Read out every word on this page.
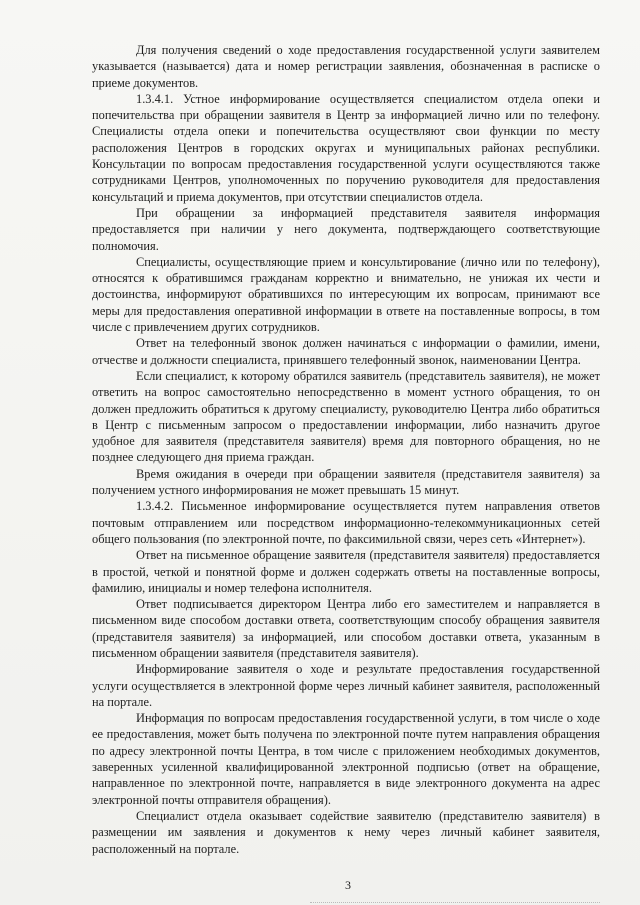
Для получения сведений о ходе предоставления государственной услуги заявителем указывается (называется) дата и номер регистрации заявления, обозначенная в расписке о приеме документов.

1.3.4.1. Устное информирование осуществляется специалистом отдела опеки и попечительства при обращении заявителя в Центр за информацией лично или по телефону. Специалисты отдела опеки и попечительства осуществляют свои функции по месту расположения Центров в городских округах и муниципальных районах республики. Консультации по вопросам предоставления государственной услуги осуществляются также сотрудниками Центров, уполномоченных по поручению руководителя для предоставления консультаций и приема документов, при отсутствии специалистов отдела.

При обращении за информацией представителя заявителя информация предоставляется при наличии у него документа, подтверждающего соответствующие полномочия.

Специалисты, осуществляющие прием и консультирование (лично или по телефону), относятся к обратившимся гражданам корректно и внимательно, не унижая их чести и достоинства, информируют обратившихся по интересующим их вопросам, принимают все меры для предоставления оперативной информации в ответе на поставленные вопросы, в том числе с привлечением других сотрудников.

Ответ на телефонный звонок должен начинаться с информации о фамилии, имени, отчестве и должности специалиста, принявшего телефонный звонок, наименовании Центра.

Если специалист, к которому обратился заявитель (представитель заявителя), не может ответить на вопрос самостоятельно непосредственно в момент устного обращения, то он должен предложить обратиться к другому специалисту, руководителю Центра либо обратиться в Центр с письменным запросом о предоставлении информации, либо назначить другое удобное для заявителя (представителя заявителя) время для повторного обращения, но не позднее следующего дня приема граждан.

Время ожидания в очереди при обращении заявителя (представителя заявителя) за получением устного информирования не может превышать 15 минут.

1.3.4.2. Письменное информирование осуществляется путем направления ответов почтовым отправлением или посредством информационно-телекоммуникационных сетей общего пользования (по электронной почте, по факсимильной связи, через сеть «Интернет»).

Ответ на письменное обращение заявителя (представителя заявителя) предоставляется в простой, четкой и понятной форме и должен содержать ответы на поставленные вопросы, фамилию, инициалы и номер телефона исполнителя.

Ответ подписывается директором Центра либо его заместителем и направляется в письменном виде способом доставки ответа, соответствующим способу обращения заявителя (представителя заявителя) за информацией, или способом доставки ответа, указанным в письменном обращении заявителя (представителя заявителя).

Информирование заявителя о ходе и результате предоставления государственной услуги осуществляется в электронной форме через личный кабинет заявителя, расположенный на портале.

Информация по вопросам предоставления государственной услуги, в том числе о ходе ее предоставления, может быть получена по электронной почте путем направления обращения по адресу электронной почты Центра, в том числе с приложением необходимых документов, заверенных усиленной квалифицированной электронной подписью (ответ на обращение, направленное по электронной почте, направляется в виде электронного документа на адрес электронной почты отправителя обращения).

Специалист отдела оказывает содействие заявителю (представителю заявителя) в размещении им заявления и документов к нему через личный кабинет заявителя, расположенный на портале.

3
